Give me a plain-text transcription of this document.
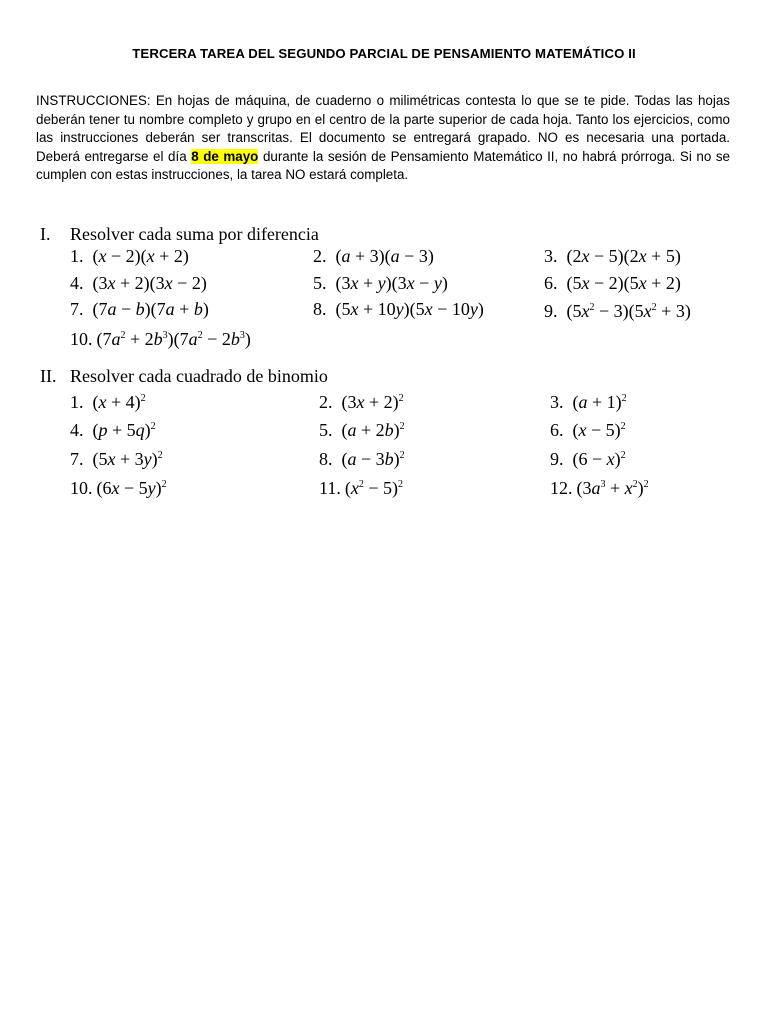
TERCERA TAREA DEL SEGUNDO PARCIAL DE PENSAMIENTO MATEMÁTICO II
INSTRUCCIONES: En hojas de máquina, de cuaderno o milimétricas contesta lo que se te pide. Todas las hojas deberán tener tu nombre completo y grupo en el centro de la parte superior de cada hoja. Tanto los ejercicios, como las instrucciones deberán ser transcritas. El documento se entregará grapado. NO es necesaria una portada. Deberá entregarse el día 8 de mayo durante la sesión de Pensamiento Matemático II, no habrá prórroga. Si no se cumplen con estas instrucciones, la tarea NO estará completa.
I. Resolver cada suma por diferencia
1. (x − 2)(x + 2)	2. (a + 3)(a − 3)	3. (2x − 5)(2x + 5)
4. (3x + 2)(3x − 2)	5. (3x + y)(3x − y)	6. (5x − 2)(5x + 2)
7. (7a − b)(7a + b)	8. (5x + 10y)(5x − 10y)	9. $(5x^2 - 3)(5x^2 + 3)$
10. $(7a^2 + 2b^3)(7a^2 - 2b^3)$
II. Resolver cada cuadrado de binomio
1. $(x + 4)^2$	2. $(3x + 2)^2$	3. $(a + 1)^2$
4. $(p + 5q)^2$	5. $(a + 2b)^2$	6. $(x - 5)^2$
7. $(5x + 3y)^2$	8. $(a - 3b)^2$	9. $(6 - x)^2$
10. $(6x - 5y)^2$	11. $(x^2 - 5)^2$	12. $(3a^3 + x^2)^2$
